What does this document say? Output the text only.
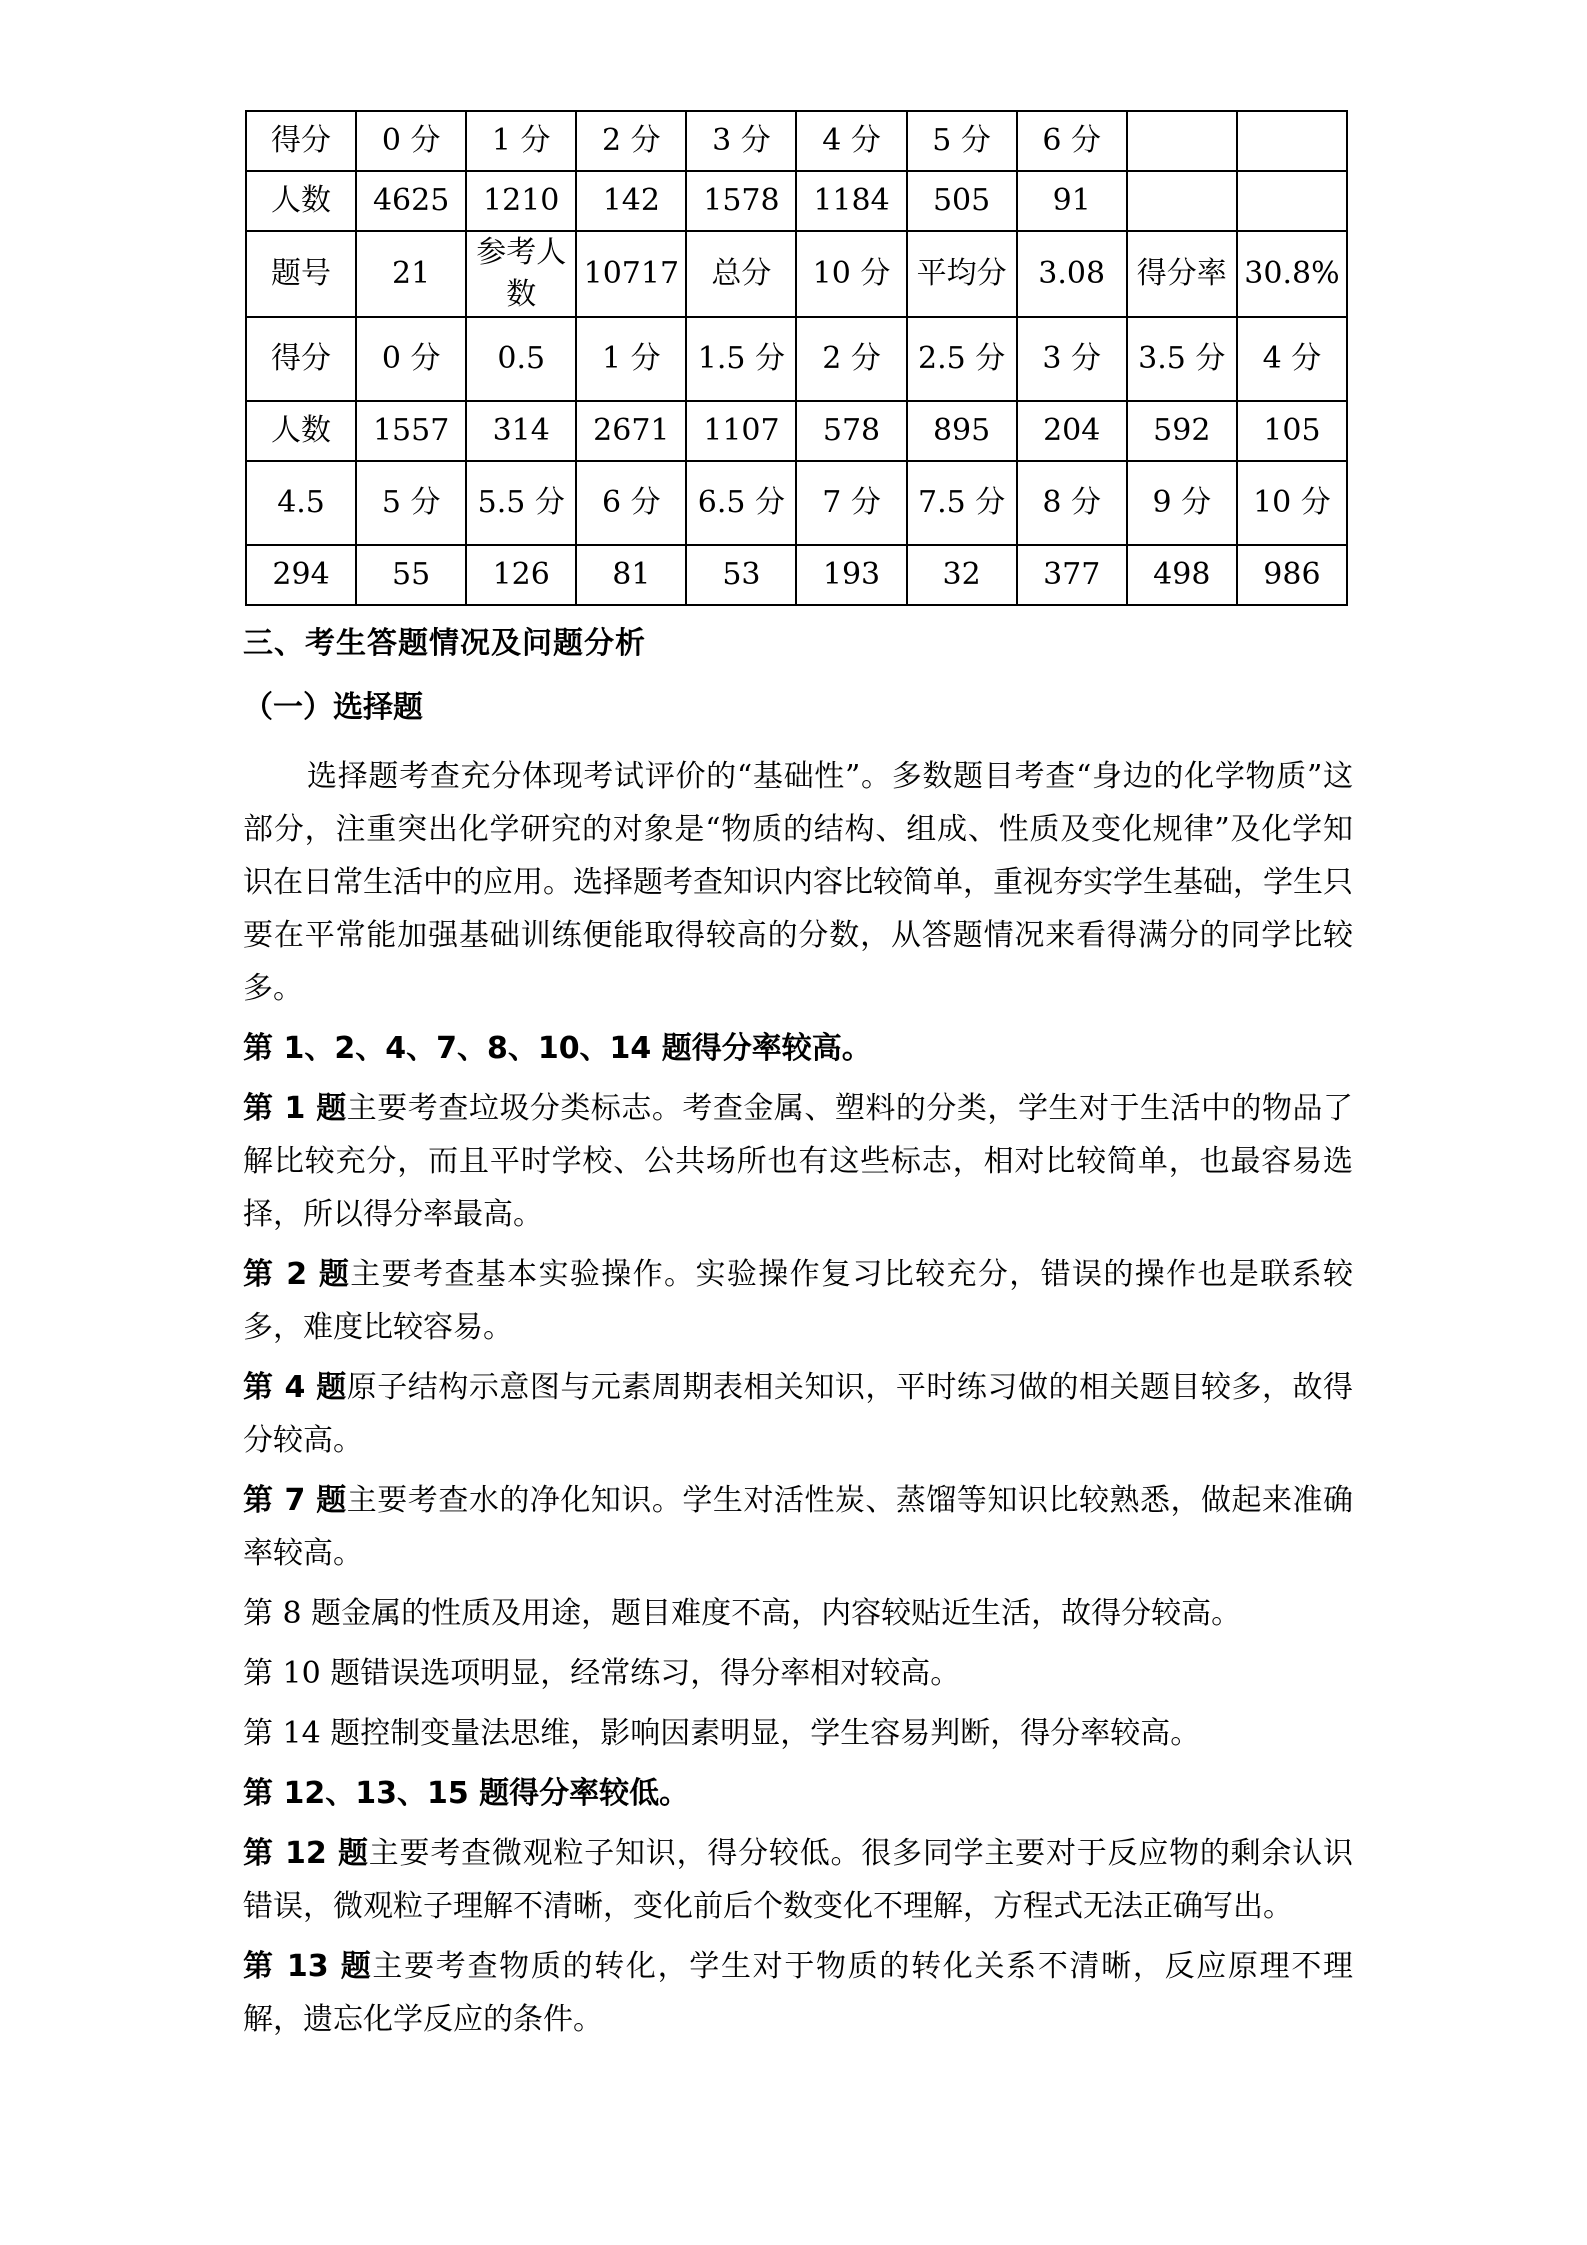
得分	0 分	1 分	2 分	3 分	4 分	5 分	6 分		
人数	4625	1210	142	1578	1184	505	91		
题号	21	参考人数	10717	总分	10 分	平均分	3.08	得分率	30.8%
得分	0 分	0.5	1 分	1.5 分	2 分	2.5 分	3 分	3.5 分	4 分
人数	1557	314	2671	1107	578	895	204	592	105
4.5	5 分	5.5 分	6 分	6.5 分	7 分	7.5 分	8 分	9 分	10 分
294	55	126	81	53	193	32	377	498	986
三、考生答题情况及问题分析
（一）选择题

选择题考查充分体现考试评价的“基础性”。多数题目考查“身边的化学物质”这部分，注重突出化学研究的对象是“物质的结构、组成、性质及变化规律”及化学知识在日常生活中的应用。选择题考查知识内容比较简单，重视夯实学生基础，学生只要在平常能加强基础训练便能取得较高的分数，从答题情况来看得满分的同学比较多。

第 1、2、4、7、8、10、14 题得分率较高。

第 1 题主要考查垃圾分类标志。考查金属、塑料的分类，学生对于生活中的物品了解比较充分，而且平时学校、公共场所也有这些标志，相对比较简单，也最容易选择，所以得分率最高。

第 2 题主要考查基本实验操作。实验操作复习比较充分，错误的操作也是联系较多，难度比较容易。

第 4 题原子结构示意图与元素周期表相关知识，平时练习做的相关题目较多，故得分较高。

第 7 题主要考查水的净化知识。学生对活性炭、蒸馏等知识比较熟悉，做起来准确率较高。

第 8 题金属的性质及用途，题目难度不高，内容较贴近生活，故得分较高。

第 10 题错误选项明显，经常练习，得分率相对较高。

第 14 题控制变量法思维，影响因素明显，学生容易判断，得分率较高。

第 12、13、15 题得分率较低。

第 12 题主要考查微观粒子知识，得分较低。很多同学主要对于反应物的剩余认识错误，微观粒子理解不清晰，变化前后个数变化不理解，方程式无法正确写出。

第 13 题主要考查物质的转化，学生对于物质的转化关系不清晰，反应原理不理解，遗忘化学反应的条件。
